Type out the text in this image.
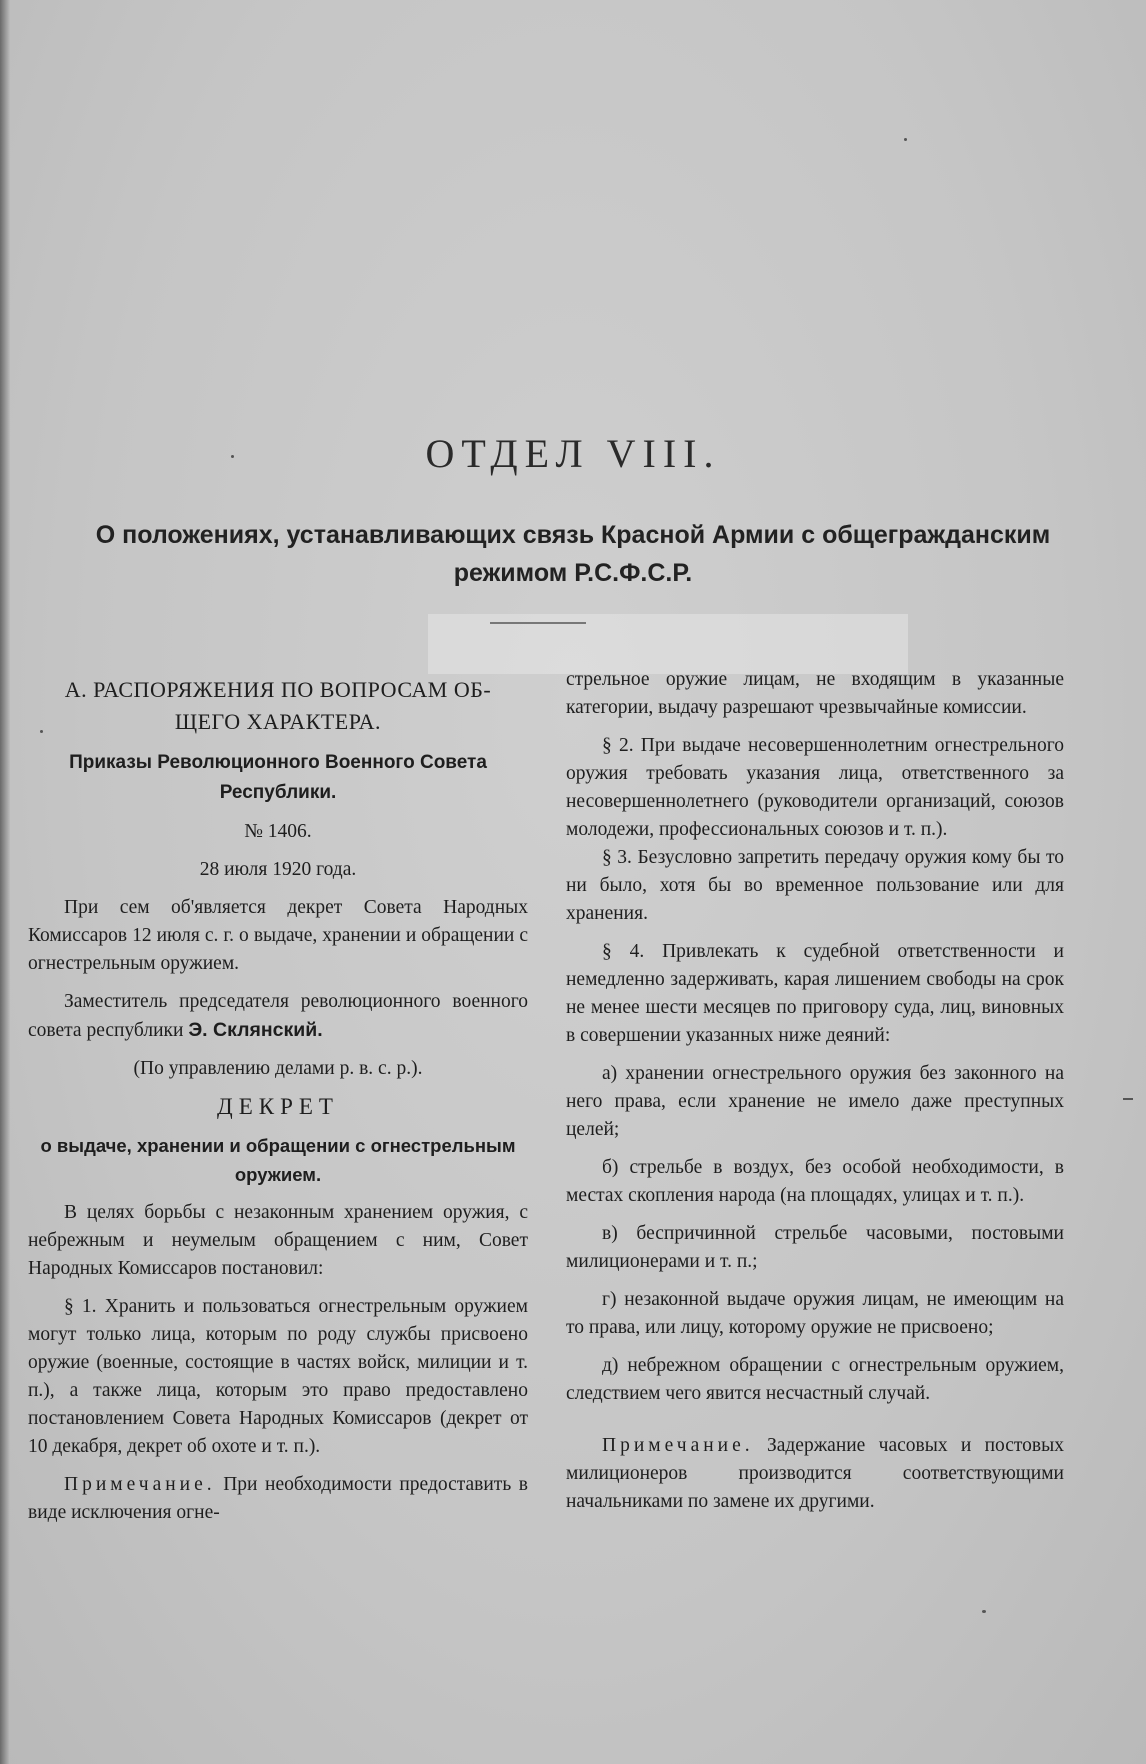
ОТДЕЛ VIII.
О положениях, устанавливающих связь Красной Армии с общегражданским
режимом Р.С.Ф.С.Р.

А. РАСПОРЯЖЕНИЯ ПО ВОПРОСАМ ОБ-

ЩЕГО ХАРАКТЕРА.

Приказы Революционного Военного Совета Республики.

№ 1406.

28 июля 1920 года.

При сем об'является декрет Совета Народных Комиссаров 12 июля с. г. о выдаче, хранении и обращении с огнестрельным оружием.

Заместитель председателя революционного военного совета республики Э. Склянский.

(По управлению делами р. в. с. р.).

ДЕКРЕТ

о выдаче, хранении и обращении с огнестрельным оружием.

В целях борьбы с незаконным хранением оружия, с небрежным и неумелым обращением с ним, Совет Народных Комиссаров постановил:

§ 1. Хранить и пользоваться огнестрельным оружием могут только лица, которым по роду службы присвоено оружие (военные, состоящие в частях войск, милиции и т. п.), а также лица, которым это право предоставлено постановлением Совета Народных Комиссаров (декрет от 10 декабря, декрет об охоте и т. п.).

Примечание. При необходимости предоставить в виде исключения огне-

стрельное оружие лицам, не входящим в указанные категории, выдачу разрешают чрезвычайные комиссии.

§ 2. При выдаче несовершеннолетним огнестрельного оружия требовать указания лица, ответственного за несовершеннолетнего (руководители организаций, союзов молодежи, профессиональных союзов и т. п.).

§ 3. Безусловно запретить передачу оружия кому бы то ни было, хотя бы во временное пользование или для хранения.

§ 4. Привлекать к судебной ответственности и немедленно задерживать, карая лишением свободы на срок не менее шести месяцев по приговору суда, лиц, виновных в совершении указанных ниже деяний:

а) хранении огнестрельного оружия без законного на него права, если хранение не имело даже преступных целей;

б) стрельбе в воздух, без особой необходимости, в местах скопления народа (на площадях, улицах и т. п.).

в) беспричинной стрельбе часовыми, постовыми милиционерами и т. п.;

г) незаконной выдаче оружия лицам, не имеющим на то права, или лицу, которому оружие не присвоено;

д) небрежном обращении с огнестрельным оружием, следствием чего явится несчастный случай.

Примечание. Задержание часовых и постовых милиционеров производится соответствующими начальниками по замене их другими.
